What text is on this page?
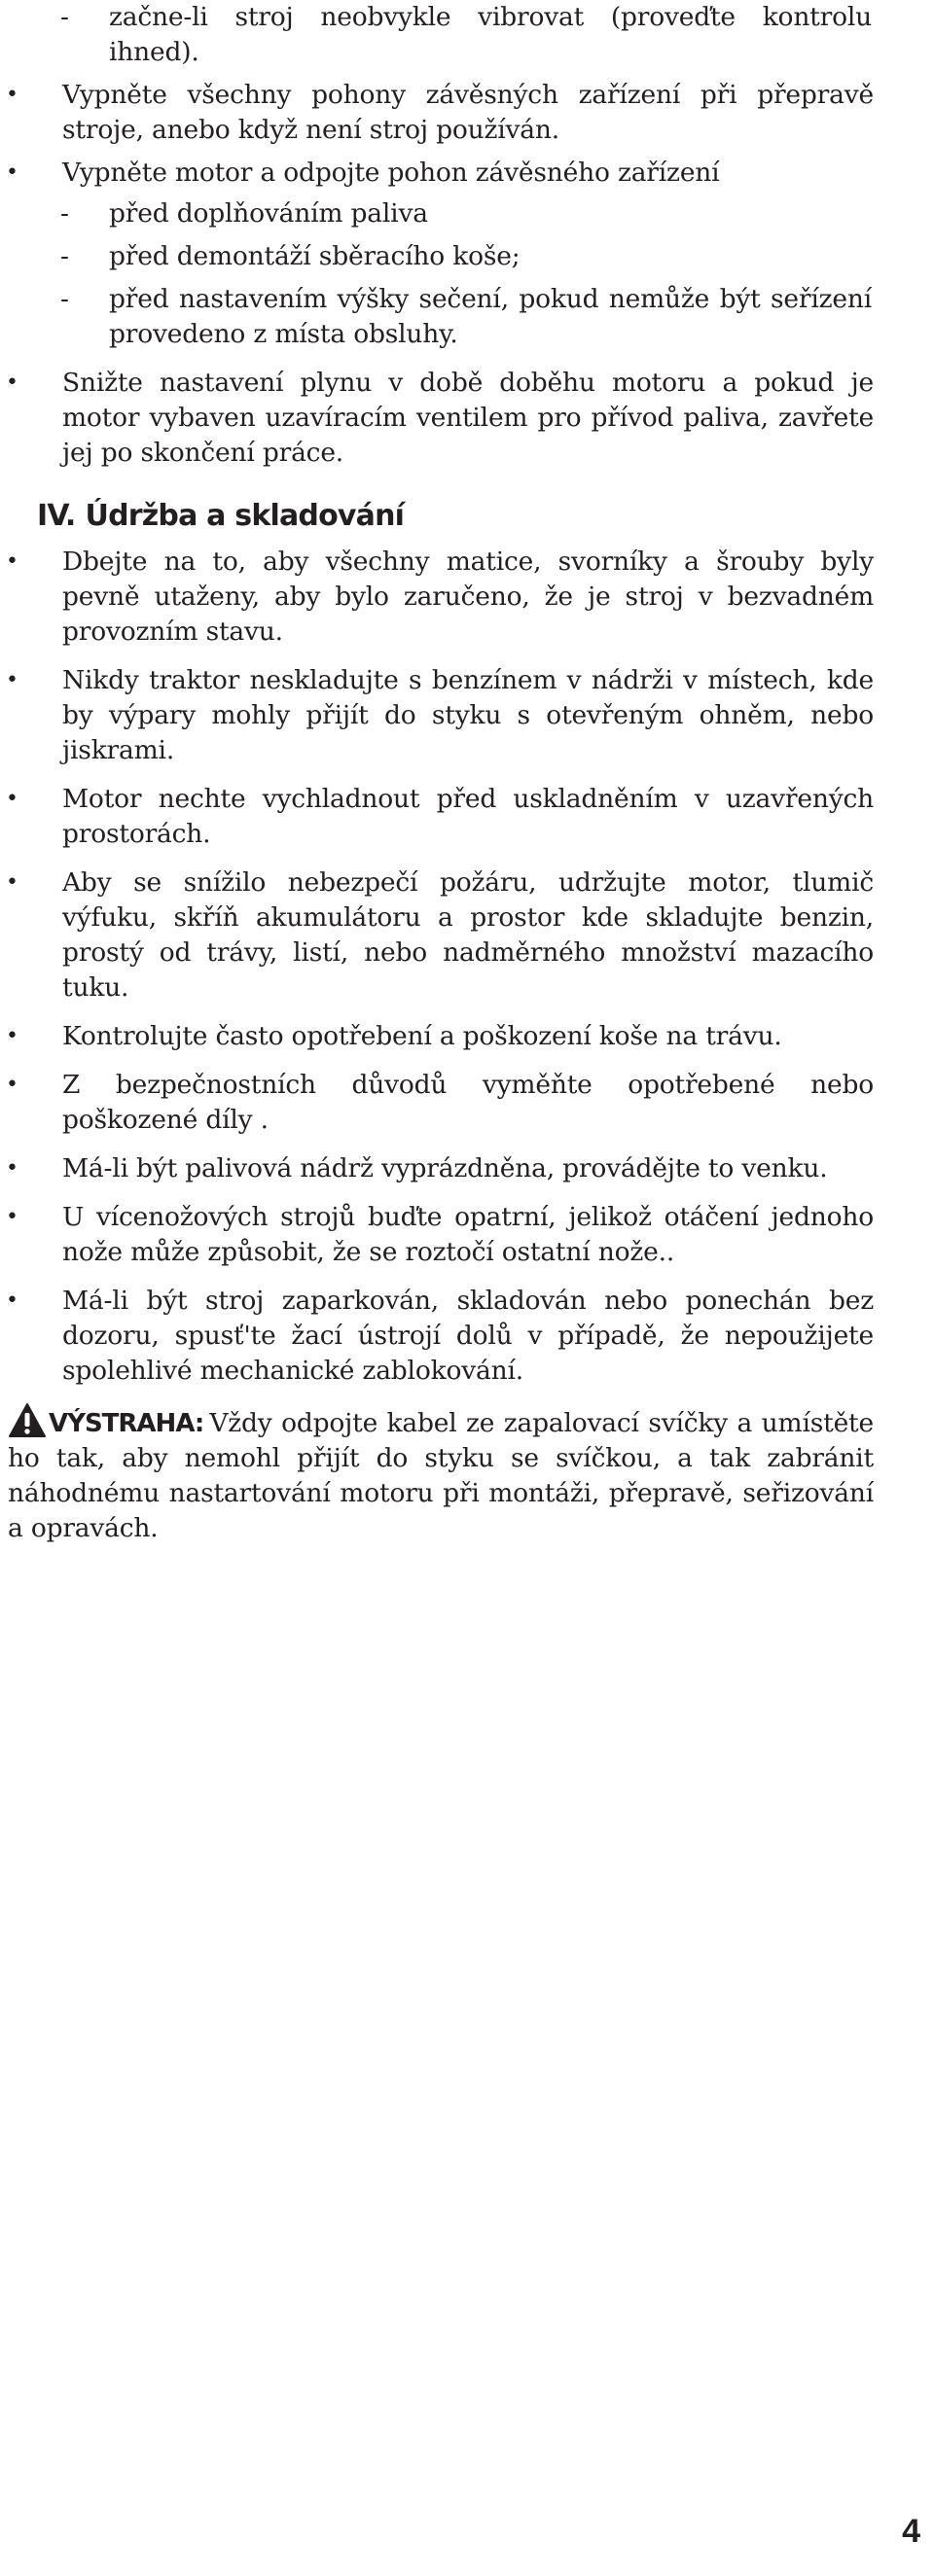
- začne-li stroj neobvykle vibrovat (proveďte kontrolu ihned).
• Vypněte všechny pohony závěsných zařízení při přepravě stroje, anebo když není stroj používán.
• Vypněte motor a odpojte pohon závěsného zařízení
- před doplňováním paliva
- před demontáží sběracího koše;
- před nastavením výšky sečení, pokud nemůže být seřízení provedeno z místa obsluhy.
• Snižte nastavení plynu v době doběhu motoru a pokud je motor vybaven uzavíracím ventilem pro přívod paliva, zavřete jej po skončení práce.
IV. Údržba a skladování
• Dbejte na to, aby všechny matice, svorníky a šrouby byly pevně utaženy, aby bylo zaručeno, že je stroj v bezvadném provozním stavu.
• Nikdy traktor neskladujte s benzínem v nádrži v místech, kde by výpary mohly přijít do styku s otevřeným ohněm, nebo jiskrami.
• Motor nechte vychladnout před uskladněním v uzavřených prostorách.
• Aby se snížilo nebezpečí požáru, udržujte motor, tlumič výfuku, skříň akumulátoru a prostor kde skladujte benzin, prostý od trávy, listí, nebo nadměrného množství mazacího tuku.
• Kontrolujte často opotřebení a poškození koše na trávu.
• Z bezpečnostních důvodů vyměňte opotřebené nebo poškozené díly .
• Má-li být palivová nádrž vyprázdněna, provádějte to venku.
• U vícenožových strojů buďte opatrní, jelikož otáčení jednoho nože může způsobit, že se roztočí ostatní nože..
• Má-li být stroj zaparkován, skladován nebo ponechán bez dozoru, spusť'te žací ústrojí dolů v případě, že nepoužijete spolehlivé mechanické zablokování.
VÝSTRAHA: Vždy odpojte kabel ze zapalovací svíčky a umístěte ho tak, aby nemohl přijít do styku se svíčkou, a tak zabránit náhodnému nastartování motoru při montáži, přepravě, seřizování a opravách.
4
